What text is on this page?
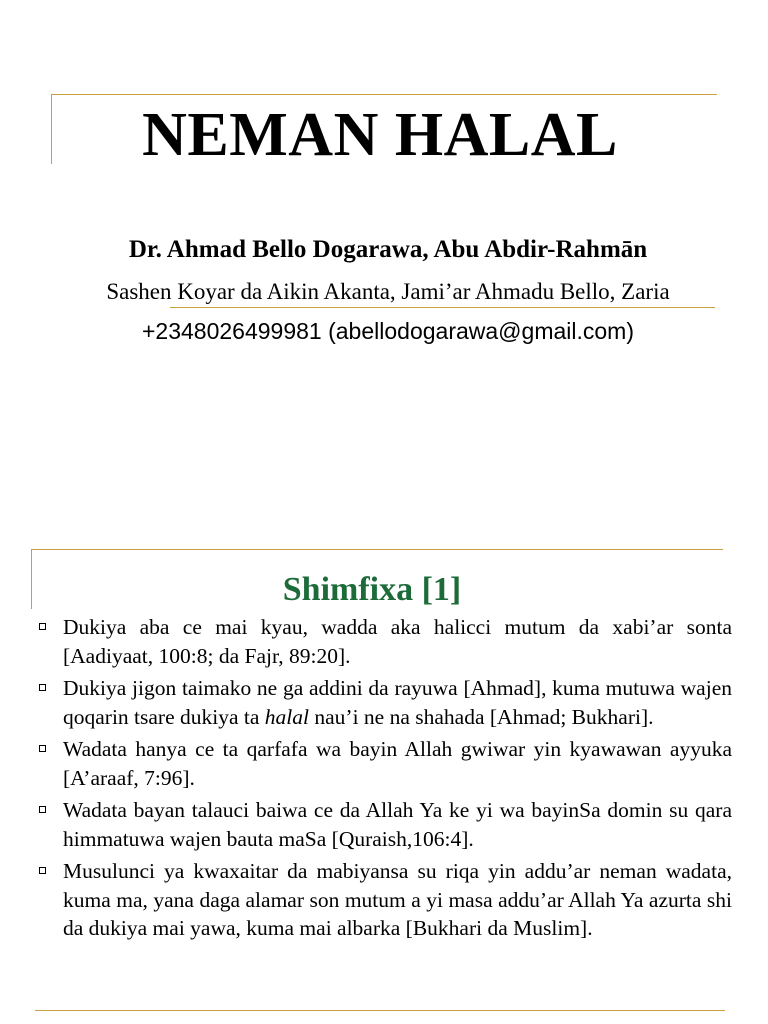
NEMAN HALAL
Dr. Ahmad Bello Dogarawa, Abu Abdir-Rahmān
Sashen Koyar da Aikin Akanta, Jami’ar Ahmadu Bello, Zaria
+2348026499981 (abellodogarawa@gmail.com)
Shimfixa [1]
Dukiya aba ce mai kyau, wadda aka halicci mutum da xabi’ar sonta [Aadiyaat, 100:8; da Fajr, 89:20].
Dukiya jigon taimako ne ga addini da rayuwa [Ahmad], kuma mutuwa wajen qoqarin tsare dukiya ta halal nau’i ne na shahada [Ahmad; Bukhari].
Wadata hanya ce ta qarfafa wa bayin Allah gwiwar yin kyawawan ayyuka [A’araaf, 7:96].
Wadata bayan talauci baiwa ce da Allah Ya ke yi wa bayinSa domin su qara himmatuwa wajen bauta maSa [Quraish,106:4].
Musulunci ya kwaxaitar da mabiyansa su riqa yin addu’ar neman wadata, kuma ma, yana daga alamar son mutum a yi masa addu’ar Allah Ya azurta shi da dukiya mai yawa, kuma mai albarka [Bukhari da Muslim].
